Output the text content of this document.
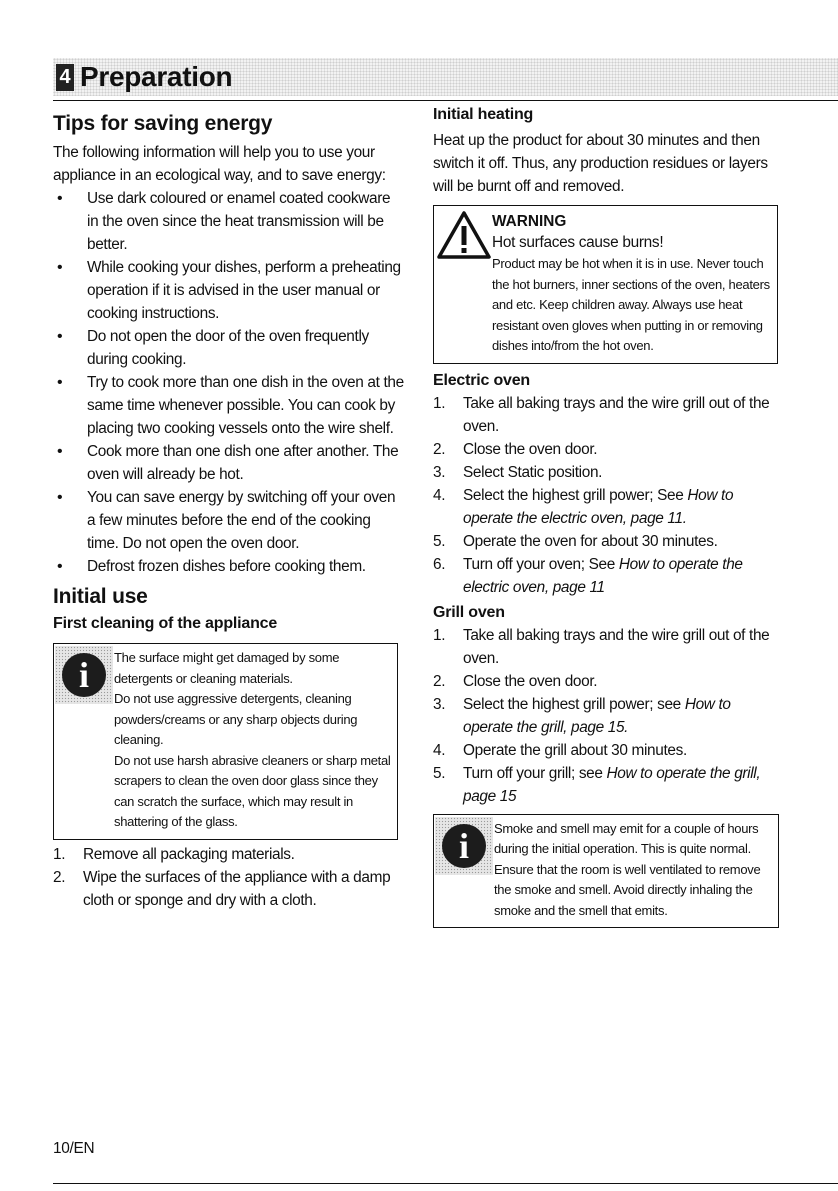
4 Preparation
Tips for saving energy

The following information will help you to use your appliance in an ecological way, and to save energy:

• Use dark coloured or enamel coated cookware in the oven since the heat transmission will be better.
• While cooking your dishes, perform a preheating operation if it is advised in the user manual or cooking instructions.
• Do not open the door of the oven frequently during cooking.
• Try to cook more than one dish in the oven at the same time whenever possible. You can cook by placing two cooking vessels onto the wire shelf.
• Cook more than one dish one after another. The oven will already be hot.
• You can save energy by switching off your oven a few minutes before the end of the cooking time. Do not open the oven door.
• Defrost frozen dishes before cooking them.
Initial use
First cleaning of the appliance
i	The surface might get damaged by some detergents or cleaning materials.

Do not use aggressive detergents, cleaning powders/creams or any sharp objects during cleaning.

Do not use harsh abrasive cleaners or sharp metal scrapers to clean the oven door glass since they can scratch the surface, which may result in shattering of the glass.

1. Remove all packaging materials.
2. Wipe the surfaces of the appliance with a damp cloth or sponge and dry with a cloth.
Initial heating

Heat up the product for about 30 minutes and then switch it off. Thus, any production residues or layers will be burnt off and removed.

WARNING
Hot surfaces cause burns!

Product may be hot when it is in use. Never touch the hot burners, inner sections of the oven, heaters and etc. Keep children away. Always use heat resistant oven gloves when putting in or removing dishes into/from the hot oven.

Electric oven
1. Take all baking trays and the wire grill out of the oven.
2. Close the oven door.
3. Select Static position.
4. Select the highest grill power; See How to operate the electric oven, page 11.
5. Operate the oven for about 30 minutes.
6. Turn off your oven; See How to operate the electric oven, page 11
Grill oven
1. Take all baking trays and the wire grill out of the oven.
2. Close the oven door.
3. Select the highest grill power; see How to operate the grill, page 15.
4. Operate the grill about 30 minutes.
5. Turn off your grill; see How to operate the grill, page 15
i	Smoke and smell may emit for a couple of hours during the initial operation. This is quite normal. Ensure that the room is well ventilated to remove the smoke and smell. Avoid directly inhaling the smoke and the smell that emits.

10/EN
